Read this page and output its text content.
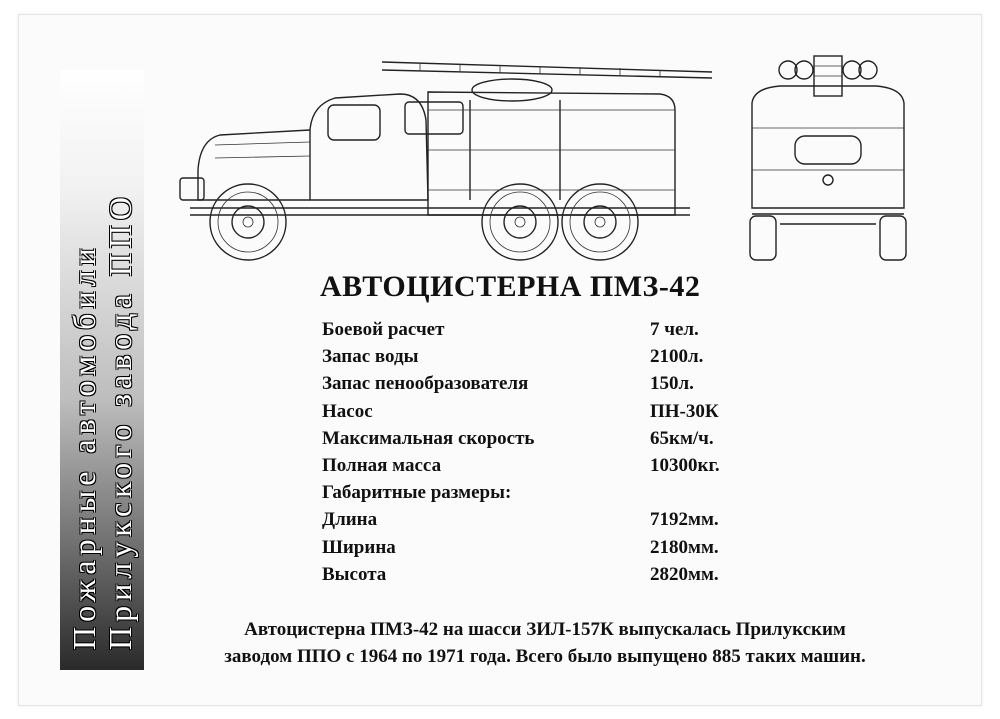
Пожарные автомобили Прилукского завода ППО	АВТОЦИСТЕРНА ПМЗ-42
Боевой расчет	7 чел.
Запас воды	2100л.
Запас пенообразователя	150л.
Насос	ПН-30К
Максимальная скорость	65км/ч.
Полная масса	10300кг.
Габаритные размеры:
Длина	7192мм.
Ширина	2180мм.
Высота	2820мм.
Автоцистерна ПМЗ-42 на шасси ЗИЛ-157К выпускалась Прилукским
заводом ППО с 1964 по 1971 года. Всего было выпущено 885 таких машин.
